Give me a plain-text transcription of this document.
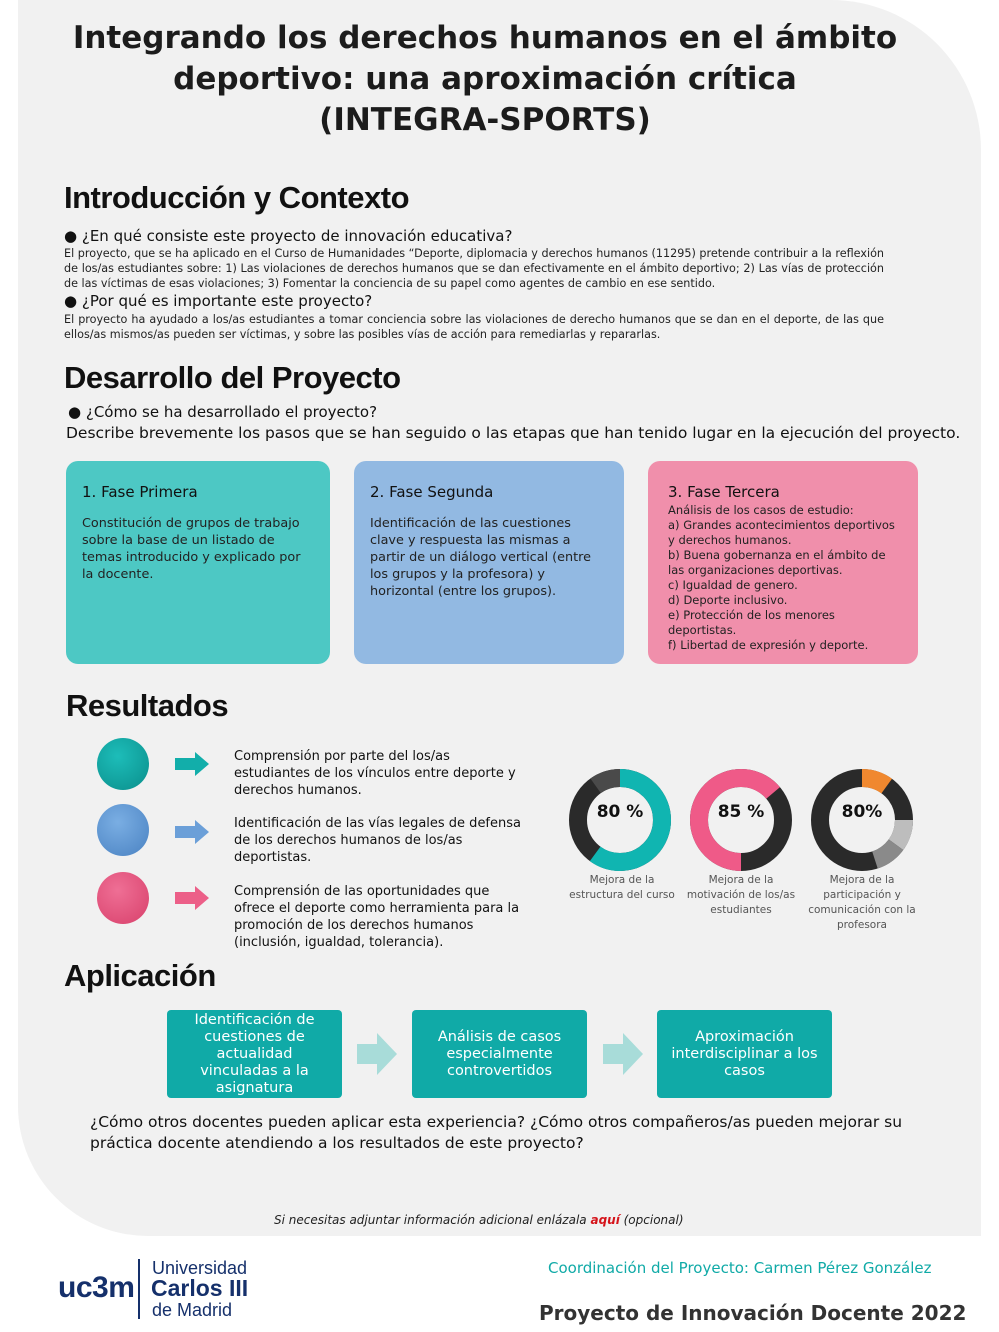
Integrando los derechos humanos en el ámbito
deportivo: una aproximación crítica
(INTEGRA-SPORTS)
Introducción y Contexto
● ¿En qué consiste este proyecto de innovación educativa?
El proyecto, que se ha aplicado en el Curso de Humanidades “Deporte, diplomacia y derechos humanos (11295) pretende contribuir a la reflexión de los/as estudiantes sobre: 1) Las violaciones de derechos humanos que se dan efectivamente en el ámbito deportivo; 2) Las vías de protección de las víctimas de esas violaciones; 3) Fomentar la conciencia de su papel como agentes de cambio en ese sentido.
● ¿Por qué es importante este proyecto?
El proyecto ha ayudado a los/as estudiantes a tomar conciencia sobre las violaciones de derecho humanos que se dan en el deporte, de las que ellos/as mismos/as pueden ser víctimas, y sobre las posibles vías de acción para remediarlas y repararlas.
Desarrollo del Proyecto
● ¿Cómo se ha desarrollado el proyecto?
Describe brevemente los pasos que se han seguido o las etapas que han tenido lugar en la ejecución del proyecto.
1. Fase Primera
Constitución de grupos de trabajo sobre la base de un listado de temas introducido y explicado por la docente.
2. Fase Segunda
Identificación de las cuestiones clave y respuesta las mismas a partir de un diálogo vertical (entre los grupos y la profesora) y horizontal (entre los grupos).
3. Fase Tercera
Análisis de los casos de estudio:
a) Grandes acontecimientos deportivos y derechos humanos.
b) Buena gobernanza en el ámbito de las organizaciones deportivas.
c) Igualdad de genero.
d) Deporte inclusivo.
e) Protección de los menores deportistas.
f) Libertad de expresión y deporte.
Resultados
Comprensión por parte del los/as estudiantes de los vínculos entre deporte y derechos humanos.
Identificación de las vías legales de defensa de los derechos humanos de los/as deportistas.
Comprensión de las oportunidades que ofrece el deporte como herramienta para la promoción de los derechos humanos (inclusión, igualdad, tolerancia).
80 %
Mejora de la estructura del curso
85 %
Mejora de la motivación de los/as estudiantes
80%
Mejora de la participación y comunicación con la profesora
Aplicación
Identificación de cuestiones de actualidad vinculadas a la asignatura
Análisis de casos especialmente controvertidos
Aproximación interdisciplinar a los casos
¿Cómo otros docentes pueden aplicar esta experiencia? ¿Cómo otros compañeros/as pueden mejorar su práctica docente atendiendo a los resultados de este proyecto?
Si necesitas adjuntar información adicional enlázala aquí (opcional)
uc3m
Universidad
Carlos III
de Madrid
Coordinación del Proyecto: Carmen Pérez González
Proyecto de Innovación Docente 2022
